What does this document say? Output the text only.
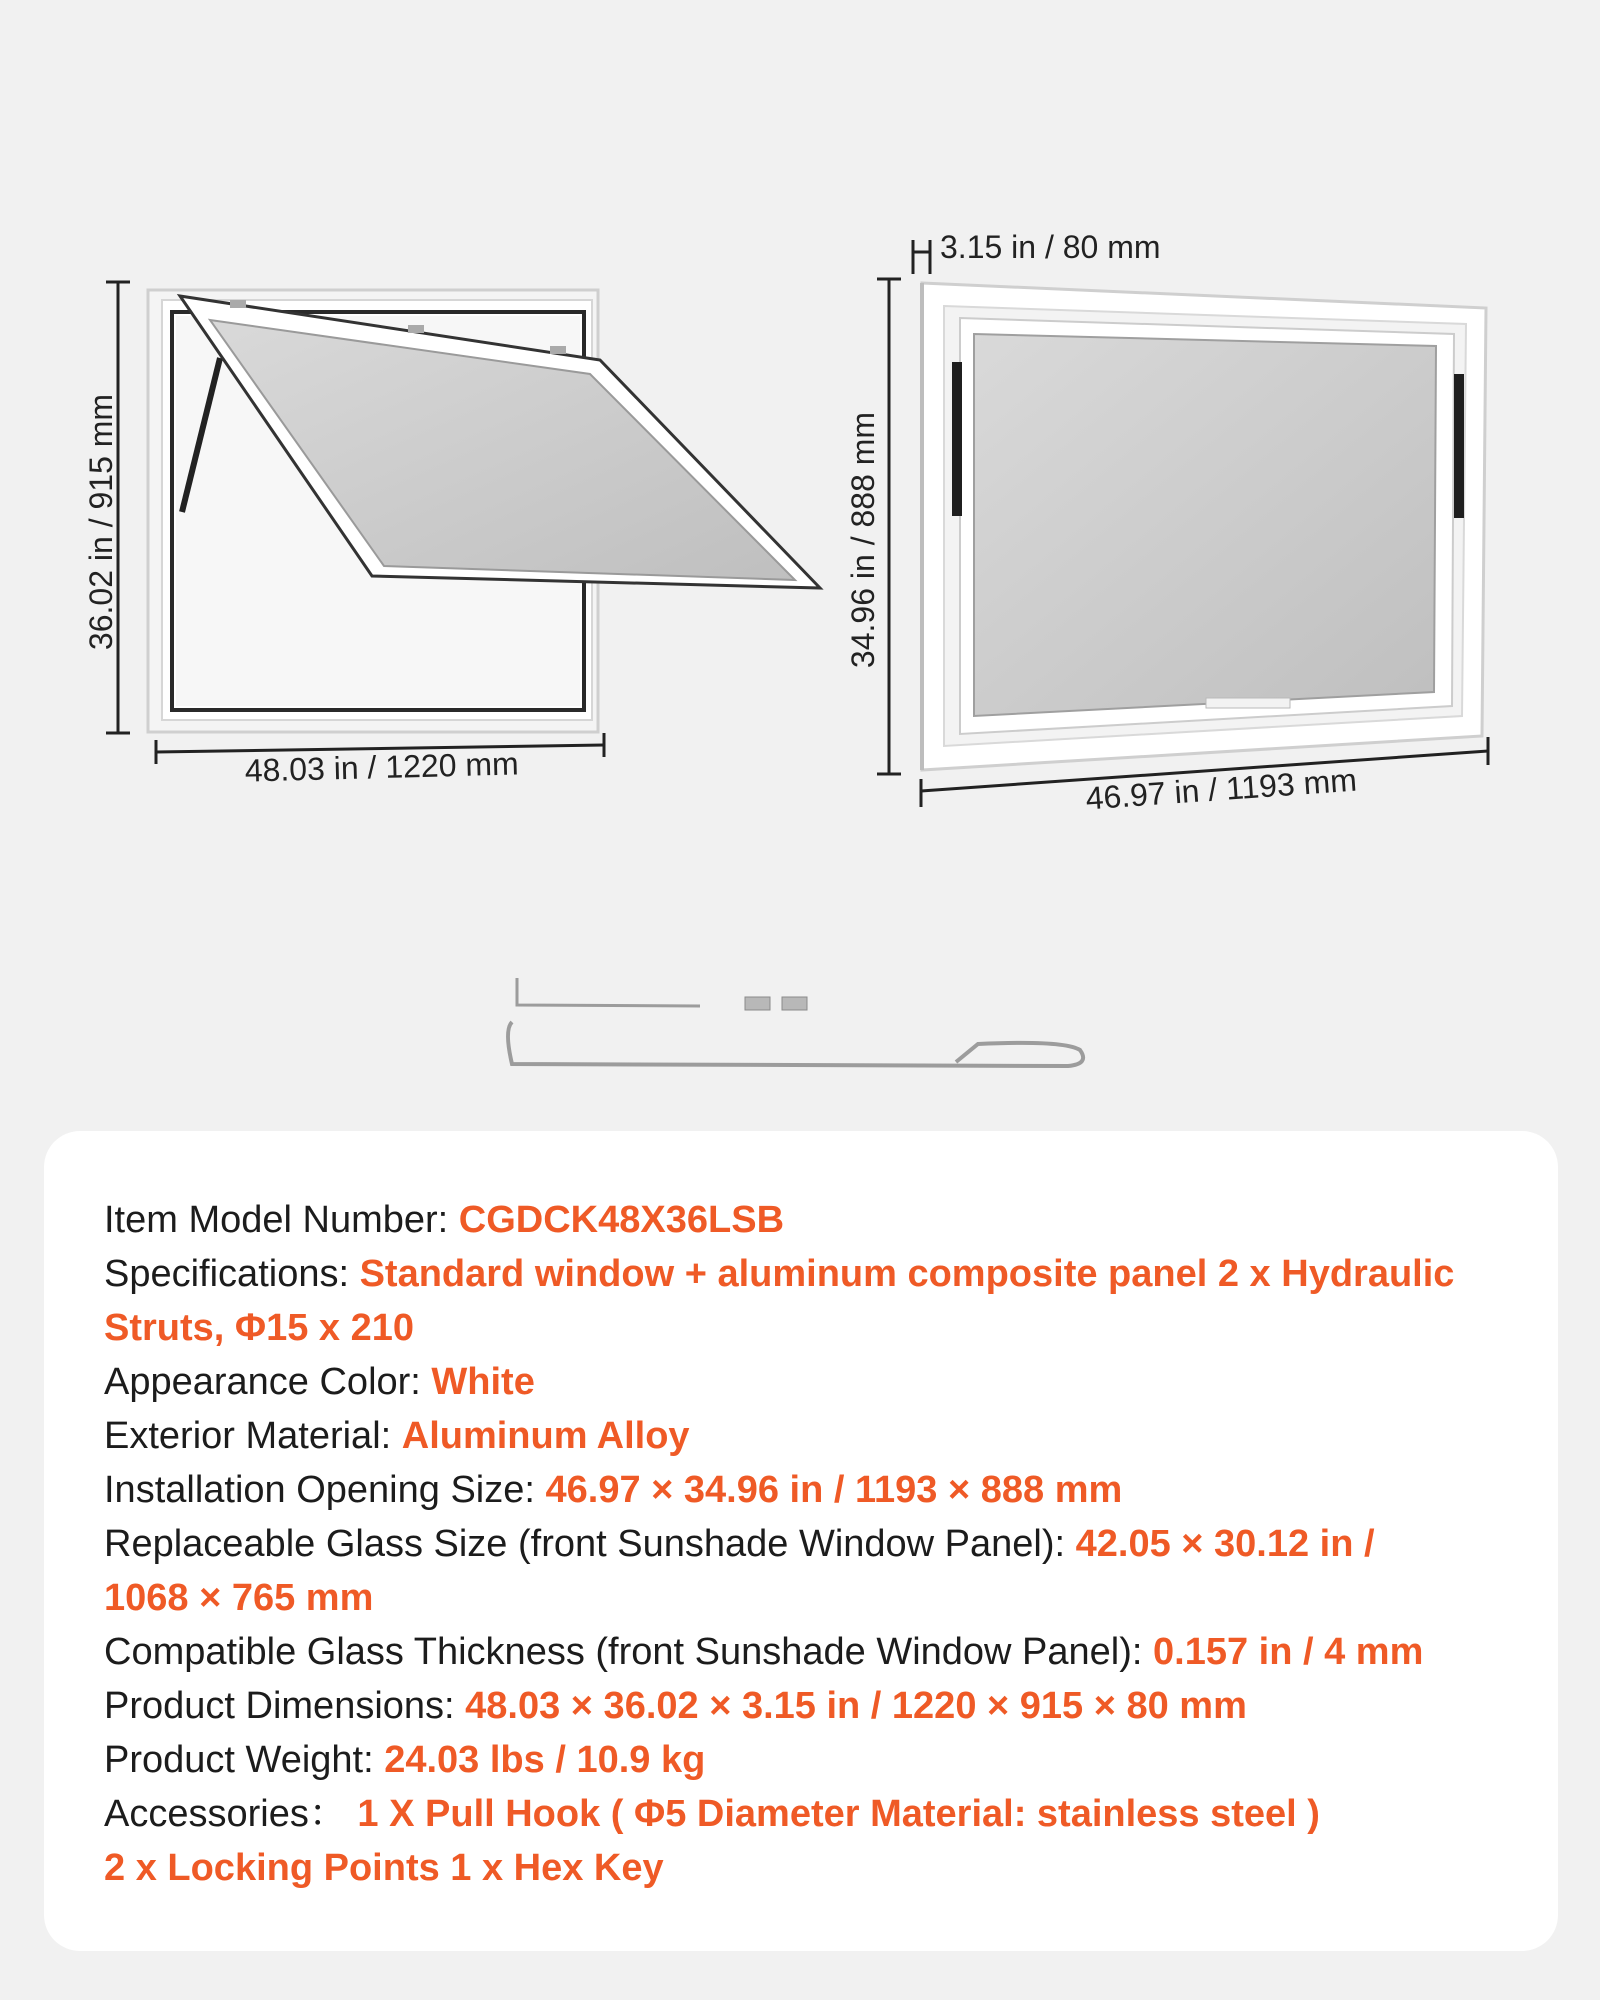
36.02 in / 915 mm
48.03 in / 1220 mm
3.15 in / 80 mm
34.96 in / 888 mm
46.97 in / 1193 mm
Item Model Number: CGDCK48X36LSB
Specifications: Standard window + aluminum composite panel 2 x Hydraulic
Struts, Φ15 x 210
Appearance Color: White
Exterior Material: Aluminum Alloy
Installation Opening Size: 46.97 × 34.96 in / 1193 × 888 mm
Replaceable Glass Size (front Sunshade Window Panel): 42.05 × 30.12 in /
1068 × 765 mm
Compatible Glass Thickness (front Sunshade Window Panel): 0.157 in / 4 mm
Product Dimensions: 48.03 × 36.02 × 3.15 in / 1220 × 915 × 80 mm
Product Weight: 24.03 lbs / 10.9 kg
Accessories： 1 X Pull Hook ( Φ5 Diameter Material: stainless steel )
2 x Locking Points 1 x Hex Key
